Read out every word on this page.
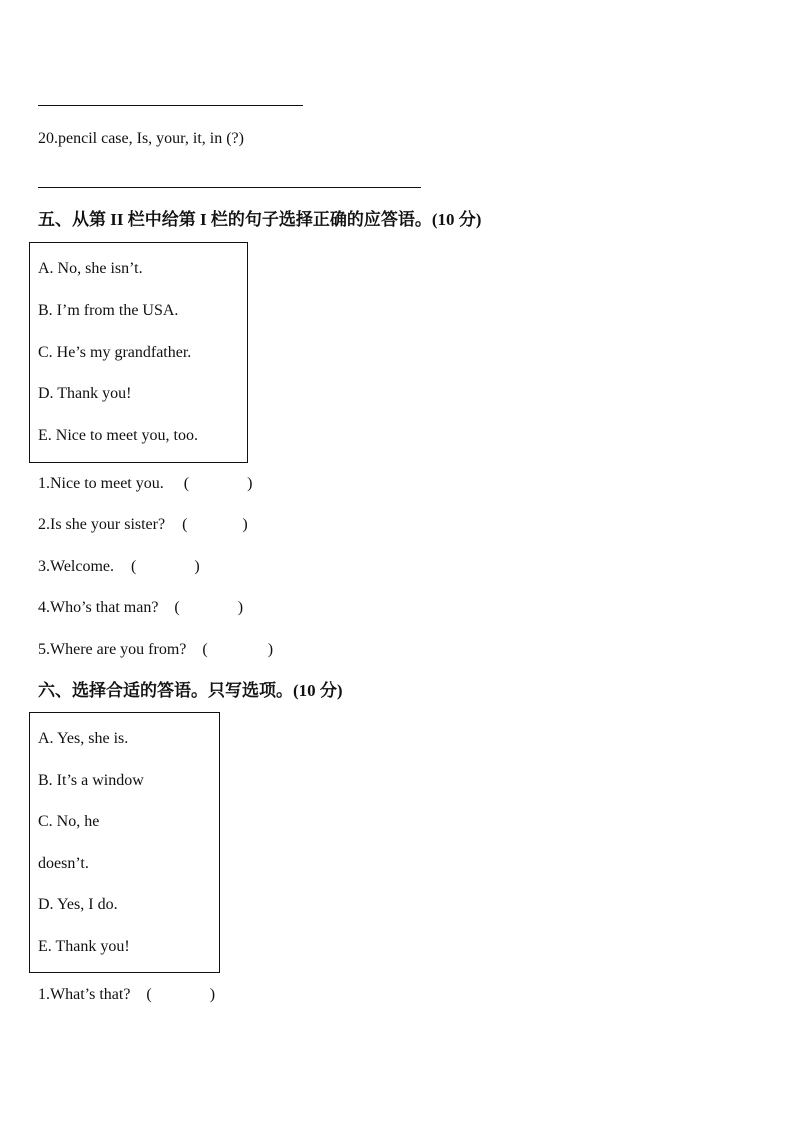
20.pencil case, Is, your, it, in (?)
五、从第 II 栏中给第 I 栏的句子选择正确的应答语。(10 分)
A. No, she isn’t.
B. I’m from the USA.
C. He’s my grandfather.
D. Thank you!
E. Nice to meet you, too.
1.Nice to meet you. (	)
2.Is she your sister? (	)
3.Welcome. (	)
4.Who’s that man? (	)
5.Where are you from? (	)
六、选择合适的答语。只写选项。(10 分)
A. Yes, she is.
B. It’s a window
C. No, he
doesn’t.
D. Yes, I do.
E. Thank you!
1.What’s that? (	)
